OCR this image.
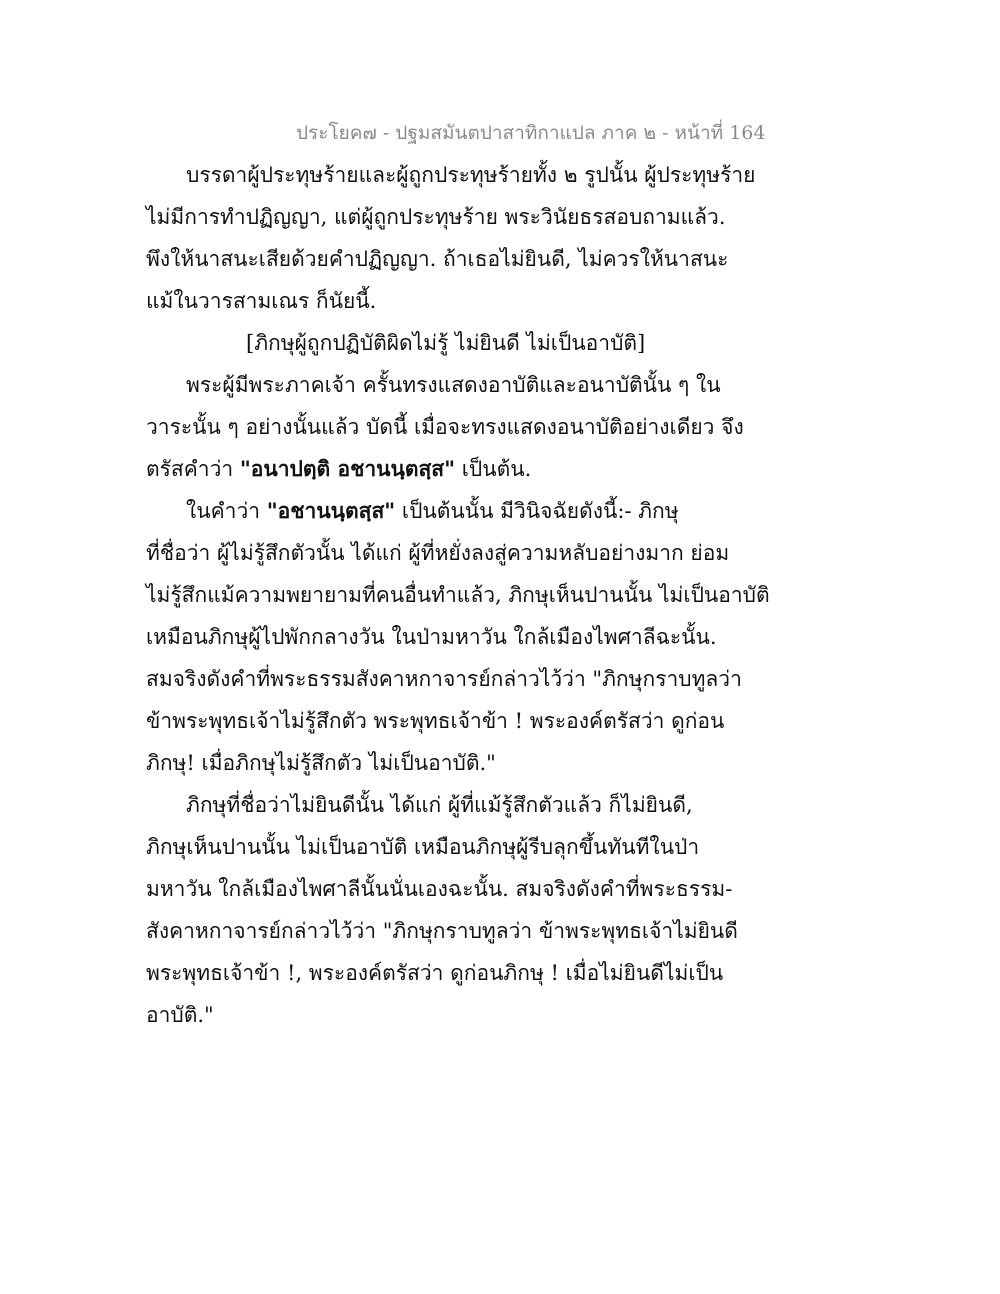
ประโยค๗ - ปฐมสมันตปาสาทิกาแปล ภาค ๒ - หน้าที่ 164
บรรดาผู้ประทุษร้ายและผู้ถูกประทุษร้ายทั้ง ๒ รูปนั้น ผู้ประทุษร้าย
ไม่มีการทำปฏิญญา, แต่ผู้ถูกประทุษร้าย พระวินัยธรสอบถามแล้ว.
พึงให้นาสนะเสียด้วยคำปฏิญญา. ถ้าเธอไม่ยินดี, ไม่ควรให้นาสนะ
แม้ในวารสามเณร ก็นัยนี้.
[ภิกษุผู้ถูกปฏิบัติผิดไม่รู้ ไม่ยินดี ไม่เป็นอาบัติ]
พระผู้มีพระภาคเจ้า ครั้นทรงแสดงอาบัติและอนาบัตินั้น ๆ ใน
วาระนั้น ๆ อย่างนั้นแล้ว บัดนี้ เมื่อจะทรงแสดงอนาบัติอย่างเดียว จึง
ตรัสคำว่า "อนาปตฺติ อชานนฺตสฺส" เป็นต้น.
ในคำว่า "อชานนฺตสฺส" เป็นต้นนั้น มีวินิจฉัยดังนี้:- ภิกษุ
ที่ชื่อว่า ผู้ไม่รู้สึกตัวนั้น ได้แก่ ผู้ที่หยั่งลงสู่ความหลับอย่างมาก ย่อม
ไม่รู้สึกแม้ความพยายามที่คนอื่นทำแล้ว, ภิกษุเห็นปานนั้น ไม่เป็นอาบัติ
เหมือนภิกษุผู้ไปพักกลางวัน ในป่ามหาวัน ใกล้เมืองไพศาลีฉะนั้น.
สมจริงดังคำที่พระธรรมสังคาหกาจารย์กล่าวไว้ว่า "ภิกษุกราบทูลว่า
ข้าพระพุทธเจ้าไม่รู้สึกตัว พระพุทธเจ้าข้า ! พระองค์ตรัสว่า ดูก่อน
ภิกษุ! เมื่อภิกษุไม่รู้สึกตัว ไม่เป็นอาบัติ."
ภิกษุที่ชื่อว่าไม่ยินดีนั้น ได้แก่ ผู้ที่แม้รู้สึกตัวแล้ว ก็ไม่ยินดี,
ภิกษุเห็นปานนั้น ไม่เป็นอาบัติ เหมือนภิกษุผู้รีบลุกขึ้นทันทีในป่า
มหาวัน ใกล้เมืองไพศาลีนั้นนั่นเองฉะนั้น. สมจริงดังคำที่พระธรรม-
สังคาหกาจารย์กล่าวไว้ว่า "ภิกษุกราบทูลว่า ข้าพระพุทธเจ้าไม่ยินดี
พระพุทธเจ้าข้า !, พระองค์ตรัสว่า ดูก่อนภิกษุ ! เมื่อไม่ยินดีไม่เป็น
อาบัติ."
